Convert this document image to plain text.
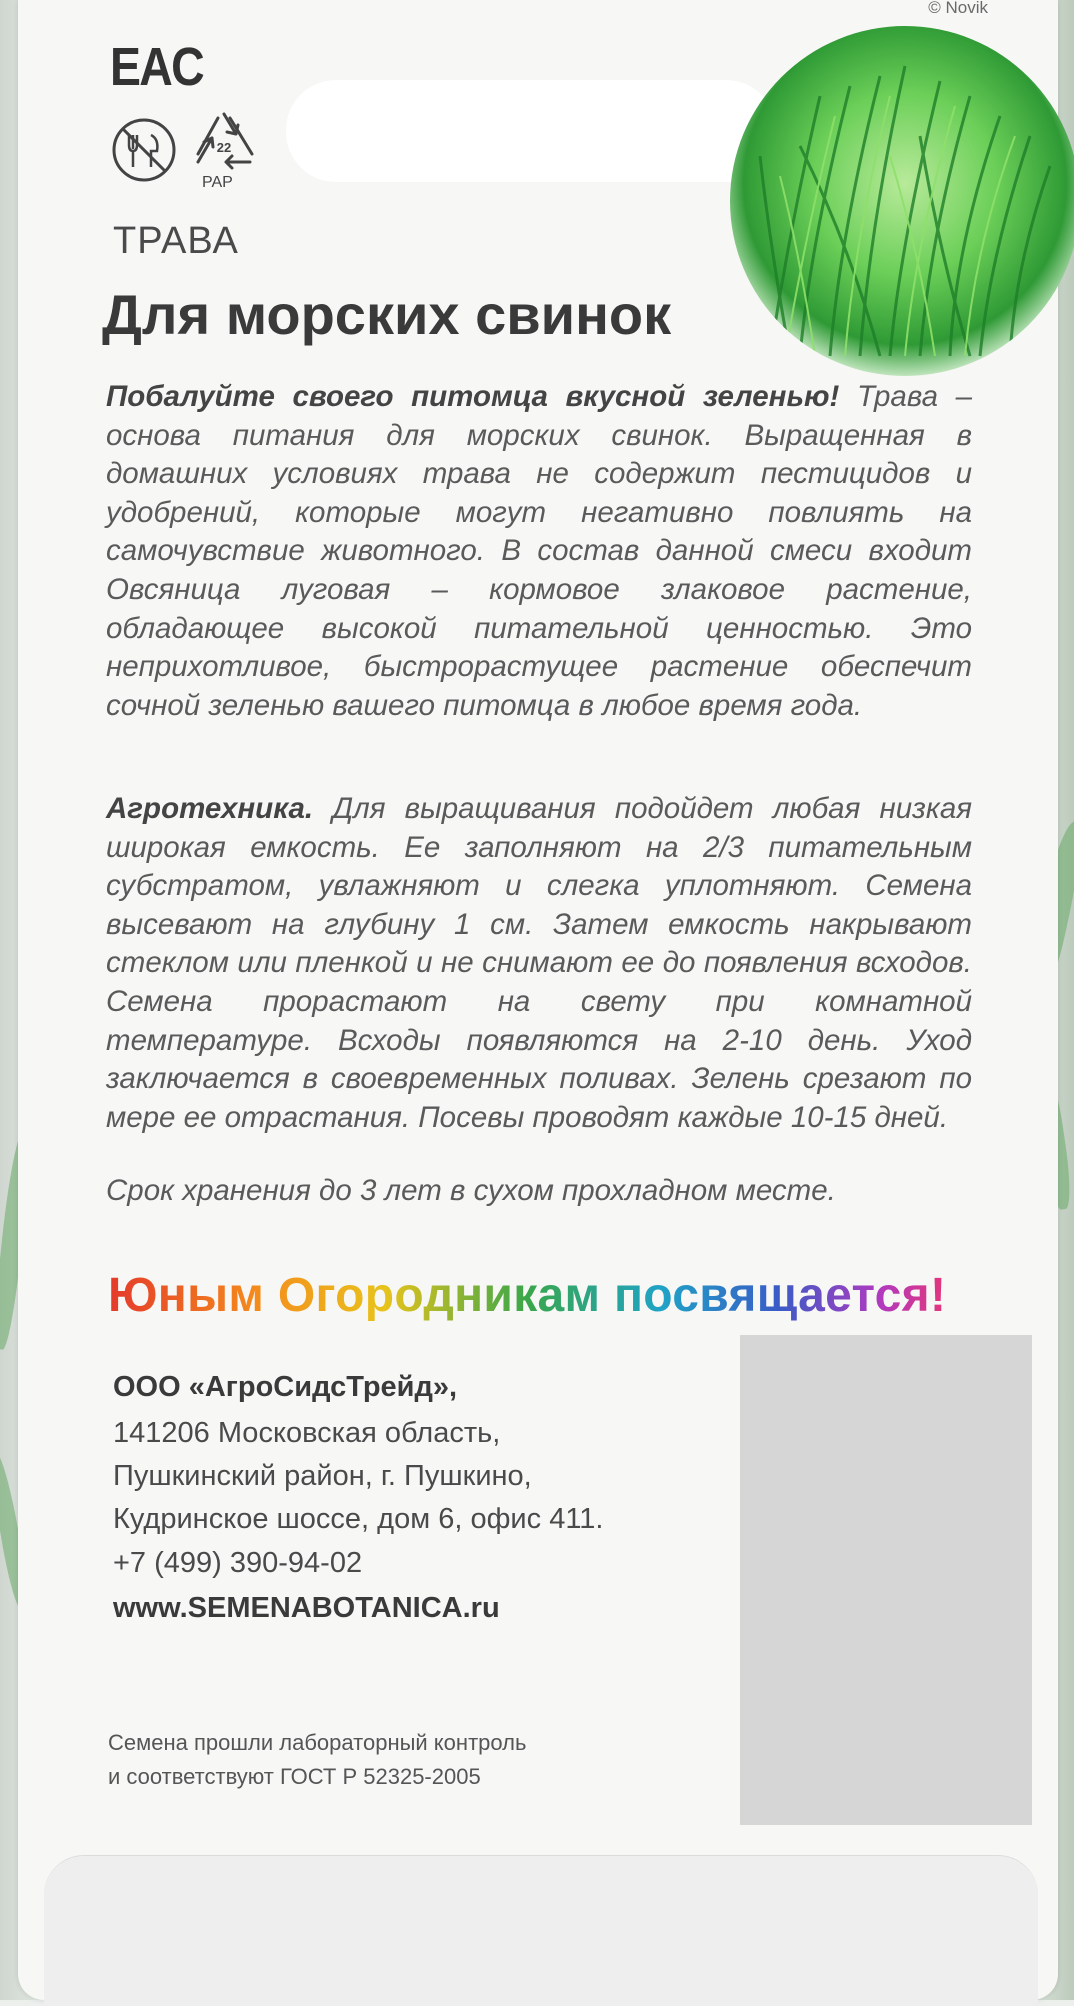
© Novik
EAC
22
PAP
ТРАВА
Для морских свинок
Побалуйте своего питомца вкусной зеленью! Трава – основа питания для морских свинок. Выращенная в домашних условиях трава не содержит пестицидов и удобрений, которые могут негативно повлиять на самочувствие животного. В состав данной смеси входит Овсяница луговая – кормовое злаковое растение, обладающее высокой питательной ценностью. Это неприхотливое, быстрорастущее растение обеспечит сочной зеленью вашего питомца в любое время года.
Агротехника. Для выращивания подойдет любая низкая широкая емкость. Ее заполняют на 2/3 питательным субстратом, увлажняют и слегка уплотняют. Семена высевают на глубину 1 см. Затем емкость накрывают стеклом или пленкой и не снимают ее до появления всходов. Семена прорастают на свету при комнатной температуре. Всходы появляются на 2-10 день. Уход заключается в своевременных поливах. Зелень срезают по мере ее отрастания. Посевы проводят каждые 10-15 дней.
Срок хранения до 3 лет в сухом прохладном месте.
Юным Огородникам посвящается!
ООО «АгроСидсТрейд»,
141206 Московская область,
Пушкинский район, г. Пушкино,
Кудринское шоссе, дом 6, офис 411.
+7 (499) 390-94-02
www.SEMENABOTANICA.ru
Семена прошли лабораторный контроль
и соответствуют ГОСТ Р 52325-2005
